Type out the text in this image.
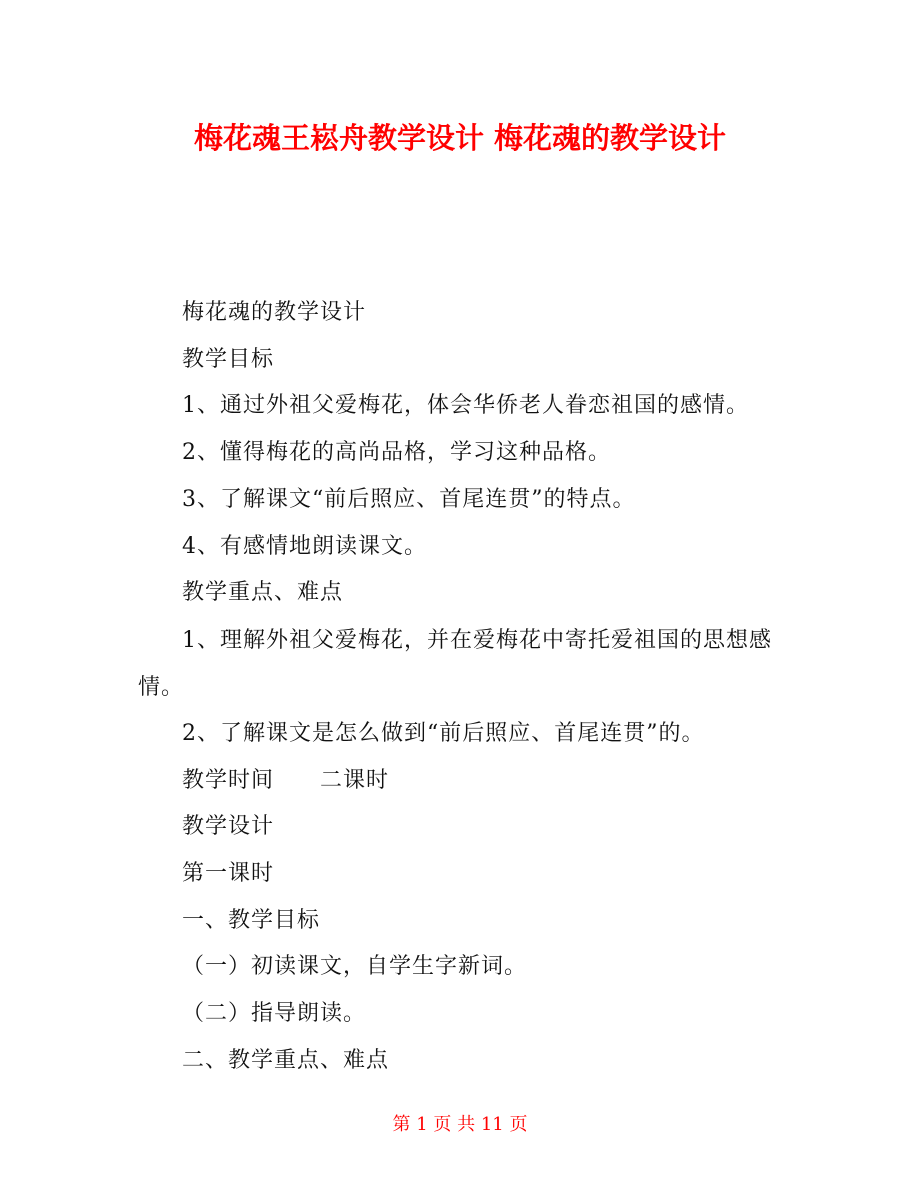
梅花魂王崧舟教学设计 梅花魂的教学设计

梅花魂的教学设计

教学目标

1、通过外祖父爱梅花，体会华侨老人眷恋祖国的感情。

2、懂得梅花的高尚品格，学习这种品格。

3、了解课文“前后照应、首尾连贯”的特点。

4、有感情地朗读课文。

教学重点、难点

1、理解外祖父爱梅花，并在爱梅花中寄托爱祖国的思想感情。

2、了解课文是怎么做到“前后照应、首尾连贯”的。

教学时间　　二课时

教学设计

第一课时

一、教学目标

（一）初读课文，自学生字新词。

（二）指导朗读。

二、教学重点、难点

第 1 页 共 11 页
